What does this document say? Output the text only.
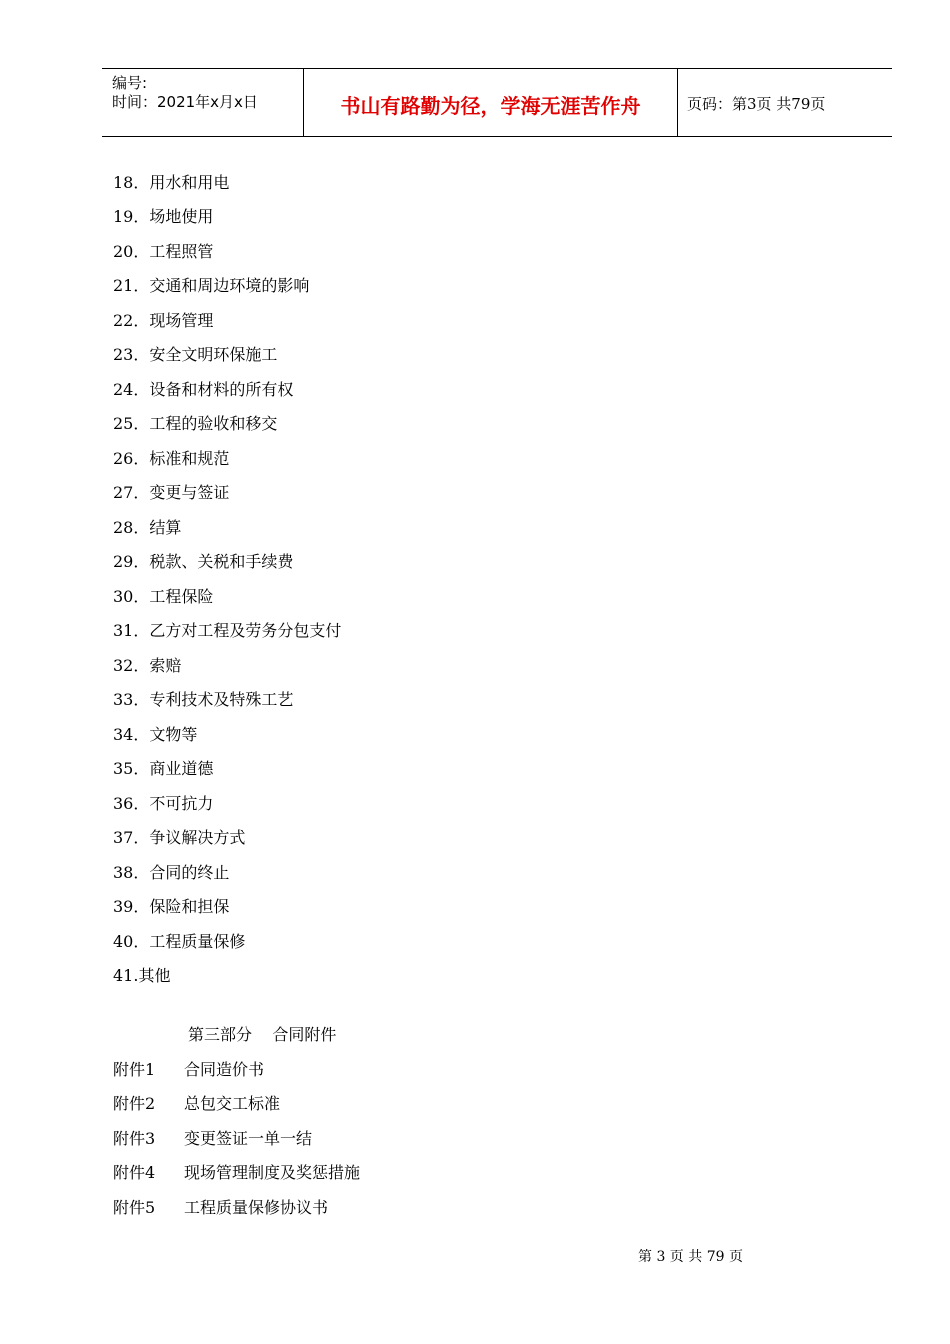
编号:
时间：2021年x月x日	书山有路勤为径，学海无涯苦作舟	页码：第3页 共79页
18．用水和用电
19．场地使用
20．工程照管
21．交通和周边环境的影响
22．现场管理
23．安全文明环保施工
24．设备和材料的所有权
25．工程的验收和移交
26．标准和规范
27．变更与签证
28．结算
29．税款、关税和手续费
30．工程保险
31．乙方对工程及劳务分包支付
32．索赔
33．专利技术及特殊工艺
34．文物等
35．商业道德
36．不可抗力
37．争议解决方式
38．合同的终止
39．保险和担保
40．工程质量保修
41.其他
第三部分    合同附件
附件1 合同造价书
附件2 总包交工标准
附件3 变更签证一单一结
附件4 现场管理制度及奖惩措施
附件5 工程质量保修协议书
第 3 页 共 79 页
